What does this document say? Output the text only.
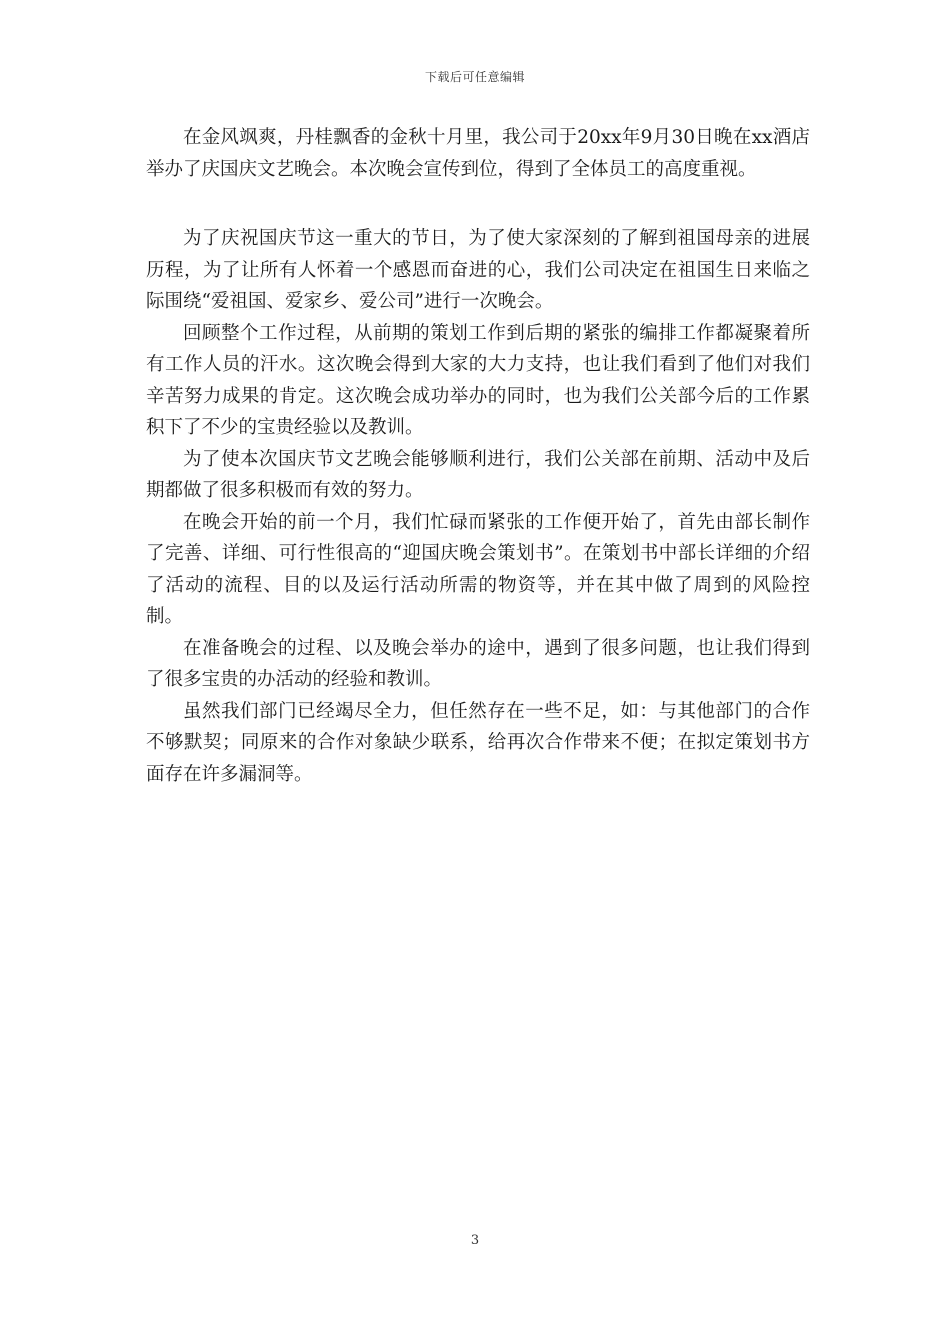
下载后可任意编辑

在金风飒爽，丹桂飘香的金秋十月里，我公司于20xx年9月30日晚在xx酒店举办了庆国庆文艺晚会。本次晚会宣传到位，得到了全体员工的高度重视。

为了庆祝国庆节这一重大的节日，为了使大家深刻的了解到祖国母亲的进展历程，为了让所有人怀着一个感恩而奋进的心，我们公司决定在祖国生日来临之际围绕“爱祖国、爱家乡、爱公司”进行一次晚会。

回顾整个工作过程，从前期的策划工作到后期的紧张的编排工作都凝聚着所有工作人员的汗水。这次晚会得到大家的大力支持，也让我们看到了他们对我们辛苦努力成果的肯定。这次晚会成功举办的同时，也为我们公关部今后的工作累积下了不少的宝贵经验以及教训。

为了使本次国庆节文艺晚会能够顺利进行，我们公关部在前期、活动中及后期都做了很多积极而有效的努力。

在晚会开始的前一个月，我们忙碌而紧张的工作便开始了，首先由部长制作了完善、详细、可行性很高的“迎国庆晚会策划书”。在策划书中部长详细的介绍了活动的流程、目的以及运行活动所需的物资等，并在其中做了周到的风险控制。

在准备晚会的过程、以及晚会举办的途中，遇到了很多问题，也让我们得到了很多宝贵的办活动的经验和教训。

虽然我们部门已经竭尽全力，但任然存在一些不足，如：与其他部门的合作不够默契；同原来的合作对象缺少联系，给再次合作带来不便；在拟定策划书方面存在许多漏洞等。

3
